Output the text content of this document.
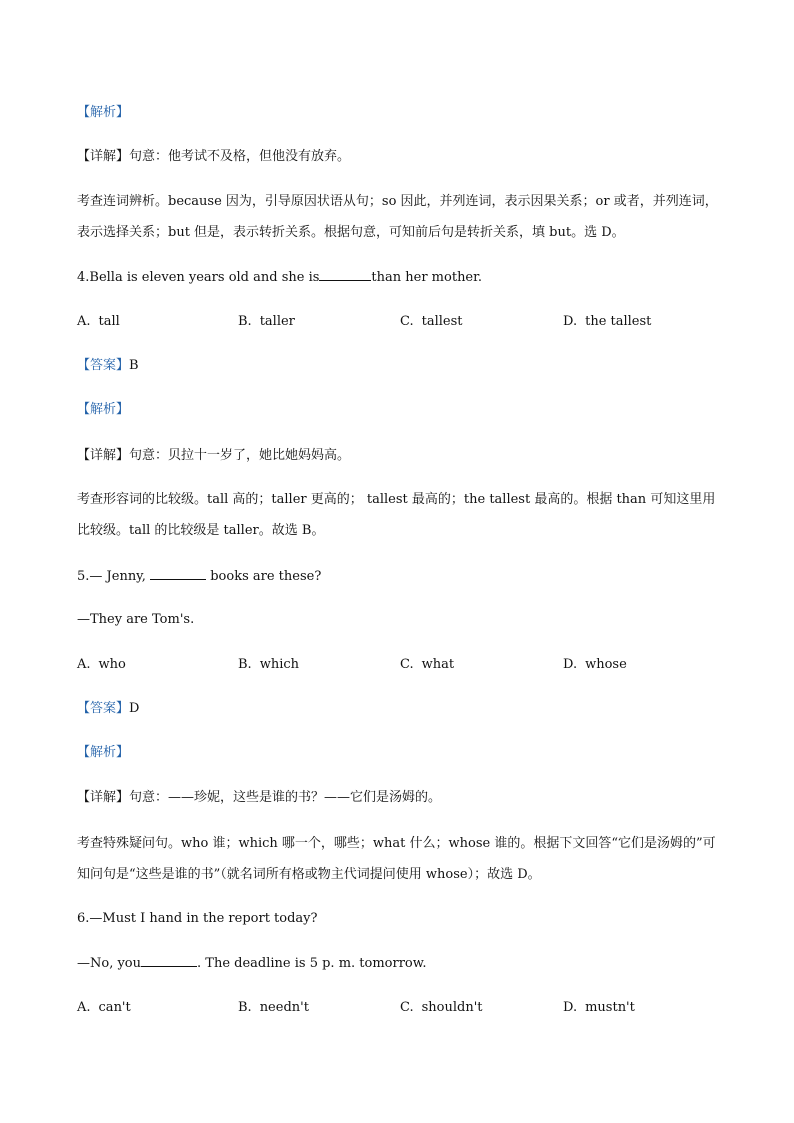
【解析】
【详解】句意：他考试不及格，但他没有放弃。
考查连词辨析。because 因为，引导原因状语从句；so 因此，并列连词，表示因果关系；or 或者，并列连词，表示选择关系；but 但是，表示转折关系。根据句意，可知前后句是转折关系，填 but。选 D。
4.Bella is eleven years old and she is	than her mother.
A. tall	B. taller	C. tallest	D. the tallest
【答案】B
【解析】
【详解】句意：贝拉十一岁了，她比她妈妈高。
考查形容词的比较级。tall 高的；taller 更高的； tallest 最高的；the tallest 最高的。根据 than 可知这里用比较级。tall 的比较级是 taller。故选 B。
5.— Jenny,	books are these?
—They are Tom's.
A. who	B. which	C. what	D. whose
【答案】D
【解析】
【详解】句意：——珍妮，这些是谁的书？——它们是汤姆的。
考查特殊疑问句。who 谁；which 哪一个，哪些；what 什么；whose 谁的。根据下文回答“它们是汤姆的”可知问句是“这些是谁的书”（就名词所有格或物主代词提问使用 whose）；故选 D。
6.—Must I hand in the report today?
—No, you	. The deadline is 5 p. m. tomorrow.
A. can't	B. needn't	C. shouldn't	D. mustn't
